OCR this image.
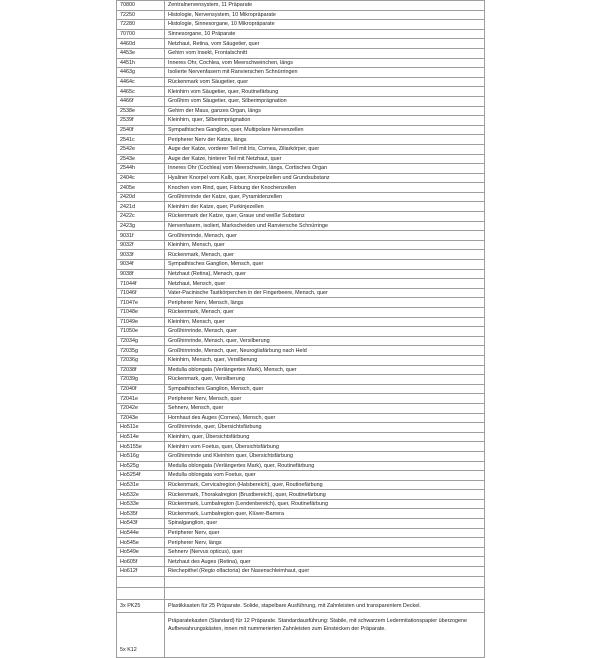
70800	Zentralnervensystem, 11 Präparate
72250	Histologie, Nervensystem, 10 Mikropräparate
72280	Histologie, Sinnesorgane, 10 Mikropräparate
70700	Sinnesorgane, 10 Präparate
4460d	Netzhaut, Retina, vom Säugetier, quer
4453e	Gehirn vom Insekt, Frontalschnitt
4451h	Inneres Ohr, Cochlea, vom Meerschweinchen, längs
4463g	Isolierte Nervenfasern mit Ranvierschen Schnürringen
4464c	Rückenmark vom Säugetier, quer
4465c	Kleinhirn vom Säugetier, quer, Routinefärbung
4466f	Großhirn vom Säugetier, quer, Silberimprägnation
2538e	Gehirn der Maus, ganzes Organ, längs
2539f	Kleinhirn, quer, Silberimprägnation
2540f	Sympathisches Ganglion, quer, Multipolare Nervenzellen
2541c	Peripherer Nerv der Katze, längs
2542e	Auge der Katze, vorderer Teil mit Iris, Cornea, Ziliarkörper, quer
2543e	Auge der Katze, hinterer Teil mit Netzhaut, quer
2544h	Inneres Ohr (Cochlea) vom Meerschwein, längs, Cortisches Organ
2404c	Hyaliner Knorpel vom Kalb, quer, Knorpelzellen und Grundsubstanz
2405e	Knochen vom Rind, quer, Färbung der Knochenzellen
2420d	Großhirnrinde der Katze, quer, Pyramidenzellen
2421d	Kleinhirn der Katze, quer, Purkinjezellen
2422c	Rückenmark der Katze, quer, Graue und weiße Substanz
2423g	Nervenfasern, isoliert, Markscheiden und Ranviersche Schnürringe
9031f	Großhirnrinde, Mensch, quer
9032f	Kleinhirn, Mensch, quer
9033f	Rückenmark, Mensch, quer
9034f	Sympathisches Ganglion, Mensch, quer
9038f	Netzhaut (Retina), Mensch, quer
71044f	Netzhaut, Mensch, quer
71046f	Vater-Pacinische Tastkörperchen in der Fingerbeere, Mensch, quer
71047e	Peripherer Nerv, Mensch, längs
71048e	Rückenmark, Mensch, quer
71049e	Kleinhirn, Mensch, quer
71050e	Großhirnrinde, Mensch, quer
72034g	Großhirnrinde, Mensch, quer, Versilberung
72035g	Großhirnrinde, Mensch, quer, Neurogliafärbung nach Held
72036g	Kleinhirn, Mensch, quer, Versilberung
72038f	Medulla oblongata (Verlängertes Mark), Mensch, quer
72039g	Rückenmark, quer, Versilberung
72040f	Sympathisches Ganglion, Mensch, quer
72041e	Peripherer Nerv, Mensch, quer
72042e	Sehnerv, Mensch, quer
72043e	Hornhaut des Auges (Cornea), Mensch, quer
Ho511e	Großhirnrinde, quer, Übersichtsfärbung
Ho514e	Kleinhirn, quer, Übersichtsfärbung
Ho5155e	Kleinhirn vom Foetus, quer, Übersichtsfärbung
Ho516g	Großhirnrinde und Kleinhirn quer, Übersichtsfärbung
Ho525g	Medulla oblongata (Verlängertes Mark), quer, Routinefärbung
Ho5254f	Medulla oblongata vom Foetus, quer
Ho531e	Rückenmark, Cervicalregion (Halsbereich), quer, Routinefärbung
Ho532e	Rückenmark, Thorakalregion (Brustbereich), quer, Routinefärbung
Ho533e	Rückenmark, Lumbalregion (Lendenbereich), quer, Routinefärbung
Ho535f	Rückenmark, Lumbalregion quer, Klüver-Barrera
Ho543f	Spinalganglion, quer
Ho544e	Peripherer Nerv, quer
Ho545e	Peripherer Nerv, längs
Ho549e	Sehnerv (Nervus opticus), quer
Ho605f	Netzhaut des Auges (Retina), quer
Ho612f	Riechepithel (Regio olfactoria) der Nasenschleimhaut, quer

3x PK25	Plastikkasten für 25 Präparate. Solide, stapelbare Ausführung, mit Zahnleisten und transparentem Deckel.
5x K12	Präparatekasten (Standard) für 12 Präparate. Standardausführung: Stabile, mit schwarzem Ledermitationspapier überzogene Aufbewahrungskästen, innen mit nummerierten Zahnleisten zum Einstecken der Präparate.
